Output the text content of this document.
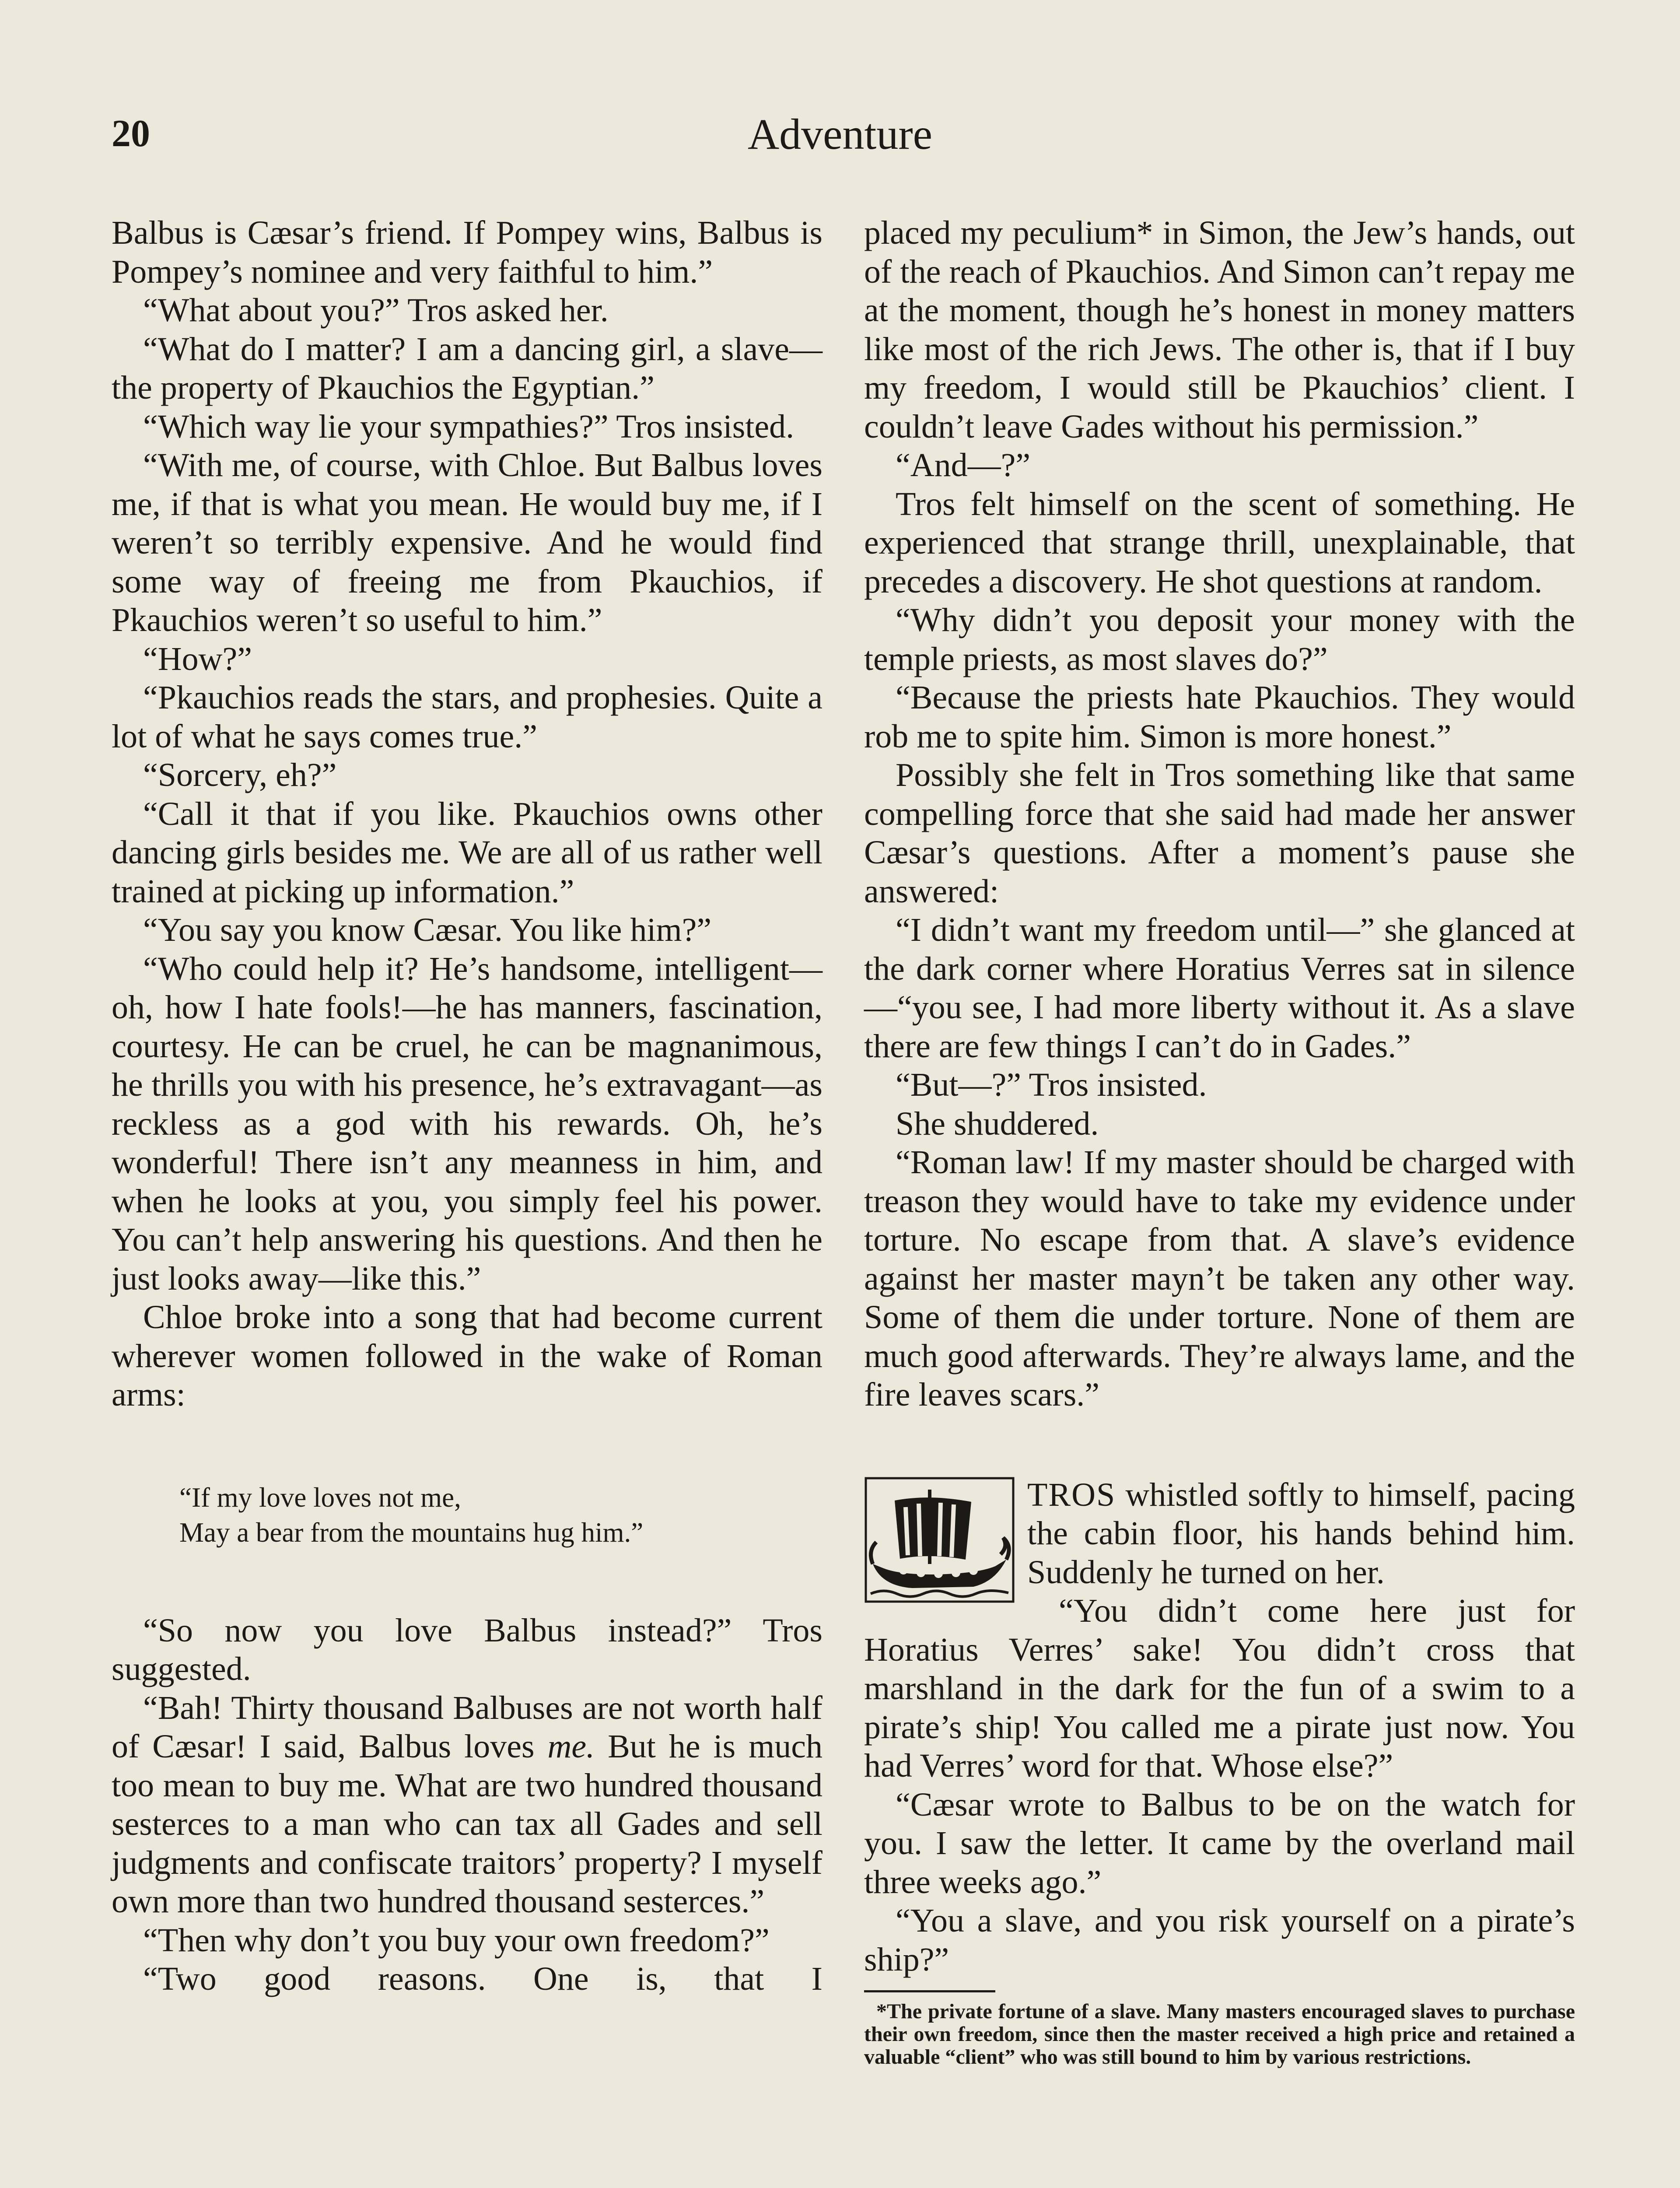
20	Adventure

Balbus is Cæsar’s friend. If Pompey wins, Balbus is Pompey’s nominee and very faithful to him.”

“What about you?” Tros asked her.

“What do I matter? I am a dancing girl, a slave—the property of Pkauchios the Egyptian.”

“Which way lie your sympathies?” Tros insisted.

“With me, of course, with Chloe. But Balbus loves me, if that is what you mean. He would buy me, if I weren’t so terribly expensive. And he would find some way of freeing me from Pkauchios, if Pkauchios weren’t so useful to him.”

“How?”

“Pkauchios reads the stars, and prophesies. Quite a lot of what he says comes true.”

“Sorcery, eh?”

“Call it that if you like. Pkauchios owns other dancing girls besides me. We are all of us rather well trained at picking up information.”

“You say you know Cæsar. You like him?”

“Who could help it? He’s handsome, intelligent—oh, how I hate fools!—he has manners, fascination, courtesy. He can be cruel, he can be magnanimous, he thrills you with his presence, he’s extravagant—as reckless as a god with his rewards. Oh, he’s wonderful! There isn’t any meanness in him, and when he looks at you, you simply feel his power. You can’t help answering his questions. And then he just looks away—like this.”

Chloe broke into a song that had become current wherever women followed in the wake of Roman arms:

“If my love loves not me,
May a bear from the mountains hug him.”

“So now you love Balbus instead?” Tros suggested.

“Bah! Thirty thousand Balbuses are not worth half of Cæsar! I said, Balbus loves me. But he is much too mean to buy me. What are two hundred thousand sesterces to a man who can tax all Gades and sell judgments and confiscate traitors’ property? I myself own more than two hundred thousand sesterces.”

“Then why don’t you buy your own freedom?”

“Two good reasons. One is, that I

placed my peculium* in Simon, the Jew’s hands, out of the reach of Pkauchios. And Simon can’t repay me at the moment, though he’s honest in money matters like most of the rich Jews. The other is, that if I buy my freedom, I would still be Pkauchios’ client. I couldn’t leave Gades without his permission.”

“And—?”

Tros felt himself on the scent of something. He experienced that strange thrill, unexplainable, that precedes a discovery. He shot questions at random.

“Why didn’t you deposit your money with the temple priests, as most slaves do?”

“Because the priests hate Pkauchios. They would rob me to spite him. Simon is more honest.”

Possibly she felt in Tros something like that same compelling force that she said had made her answer Cæsar’s questions. After a moment’s pause she answered:

“I didn’t want my freedom until—” she glanced at the dark corner where Horatius Verres sat in silence—“you see, I had more liberty without it. As a slave there are few things I can’t do in Gades.”

“But—?” Tros insisted.

She shuddered.

“Roman law! If my master should be charged with treason they would have to take my evidence under torture. No escape from that. A slave’s evidence against her master mayn’t be taken any other way. Some of them die under torture. None of them are much good afterwards. They’re always lame, and the fire leaves scars.”

TROS whistled softly to himself, pacing the cabin floor, his hands behind him. Suddenly he turned on her.

“You didn’t come here just for Horatius Verres’ sake! You didn’t cross that marshland in the dark for the fun of a swim to a pirate’s ship! You called me a pirate just now. You had Verres’ word for that. Whose else?”

“Cæsar wrote to Balbus to be on the watch for you. I saw the letter. It came by the overland mail three weeks ago.”

“You a slave, and you risk yourself on a pirate’s ship?”

*The private fortune of a slave. Many masters encouraged slaves to purchase their own freedom, since then the master received a high price and retained a valuable “client” who was still bound to him by various restrictions.
